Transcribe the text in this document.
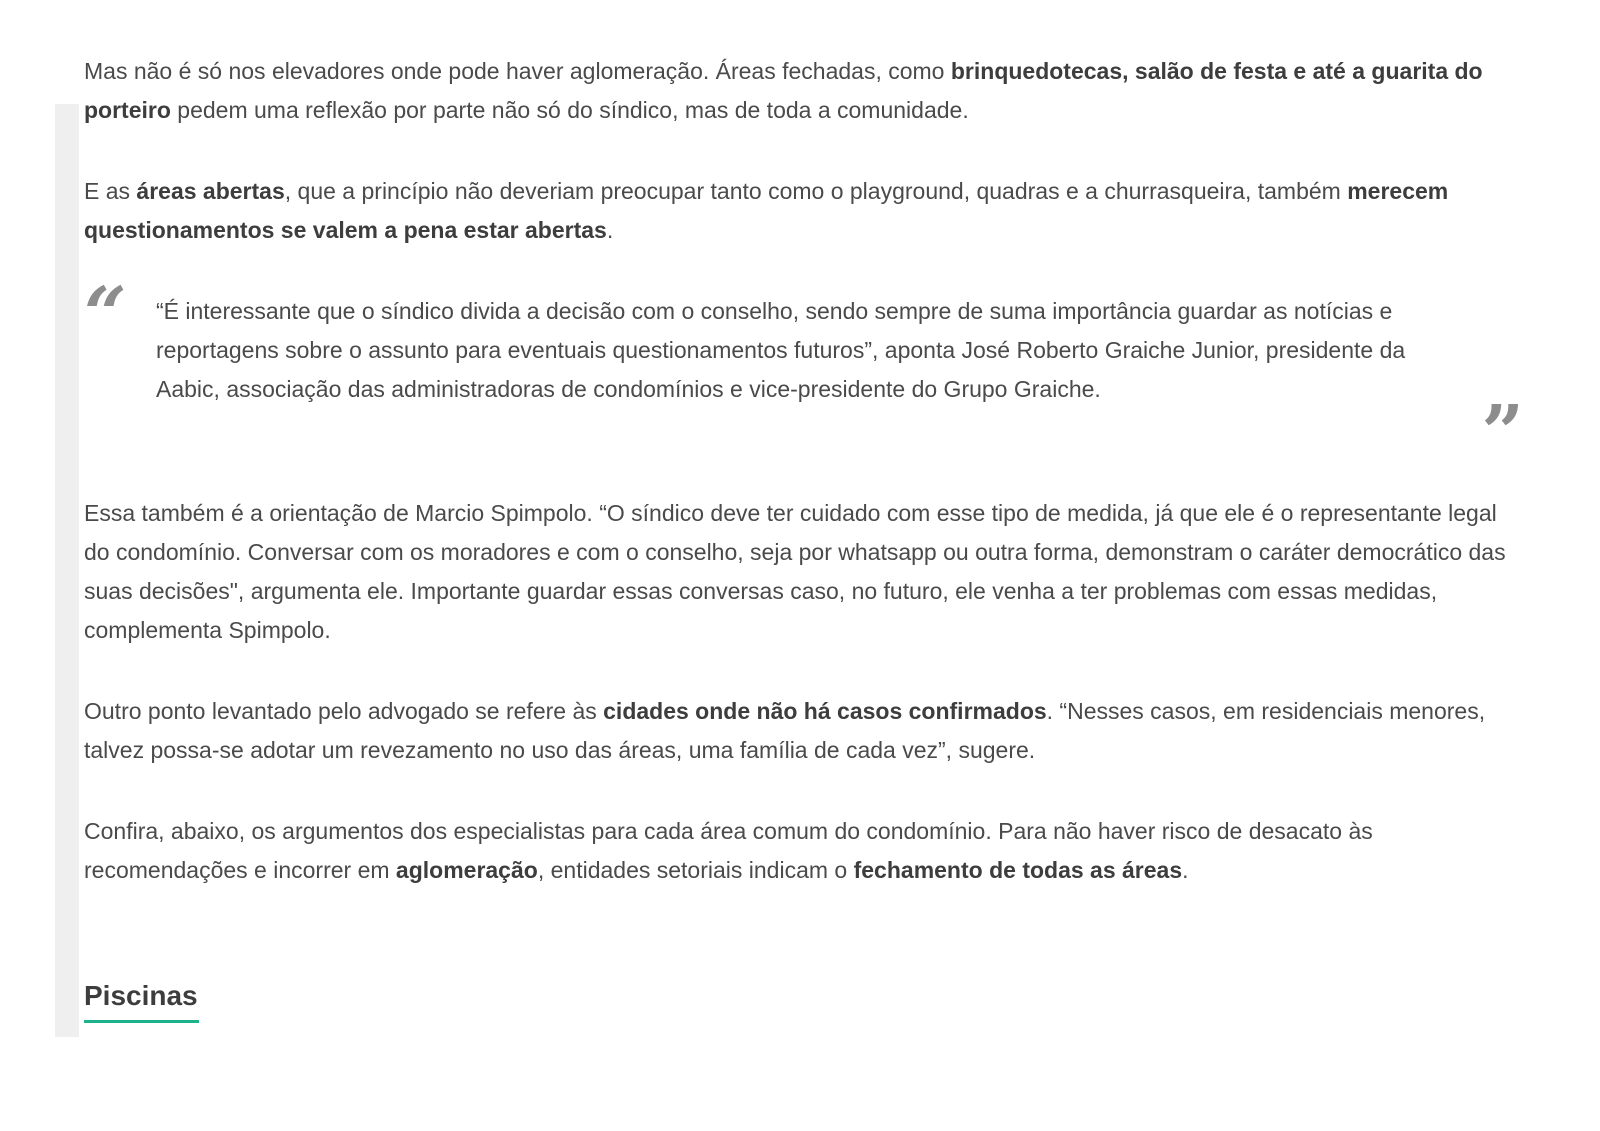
Mas não é só nos elevadores onde pode haver aglomeração. Áreas fechadas, como brinquedotecas, salão de festa e até a guarita do porteiro pedem uma reflexão por parte não só do síndico, mas de toda a comunidade.

E as áreas abertas, que a princípio não deveriam preocupar tanto como o playground, quadras e a churrasqueira, também merecem questionamentos se valem a pena estar abertas.

“ “É interessante que o síndico divida a decisão com o conselho, sendo sempre de suma importância guardar as notícias e reportagens sobre o assunto para eventuais questionamentos futuros”, aponta José Roberto Graiche Junior, presidente da Aabic, associação das administradoras de condomínios e vice-presidente do Grupo Graiche.

”

Essa também é a orientação de Marcio Spimpolo. “O síndico deve ter cuidado com esse tipo de medida, já que ele é o representante legal do condomínio. Conversar com os moradores e com o conselho, seja por whatsapp ou outra forma, demonstram o caráter democrático das suas decisões", argumenta ele. Importante guardar essas conversas caso, no futuro, ele venha a ter problemas com essas medidas, complementa Spimpolo.

Outro ponto levantado pelo advogado se refere às cidades onde não há casos confirmados. “Nesses casos, em residenciais menores, talvez possa-se adotar um revezamento no uso das áreas, uma família de cada vez”, sugere.

Confira, abaixo, os argumentos dos especialistas para cada área comum do condomínio. Para não haver risco de desacato às recomendações e incorrer em aglomeração, entidades setoriais indicam o fechamento de todas as áreas.

Piscinas
